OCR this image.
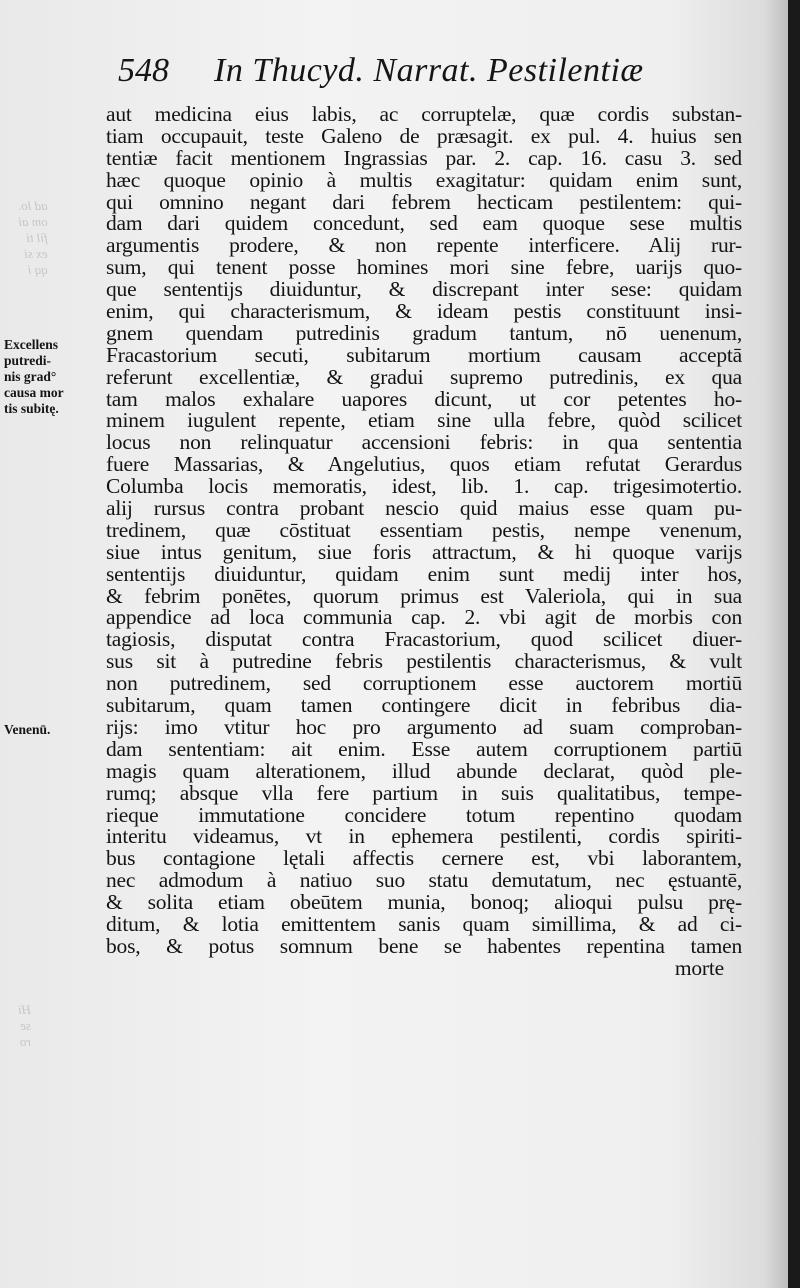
ad lo.
om ai
fil ti
ex si
qq i
Hi
se
ro
548 In Thucyd. Narrat. Pestilentiæ
Excellens
putredi-
nis grad°
causa mor
tis subitę.
Venenū.
aut medicina eius labis, ac corruptelæ, quæ cordis substan-
tiam occupauit, teste Galeno de præsagit. ex pul. 4. huius sen
tentiæ facit mentionem Ingrassias par. 2. cap. 16. casu 3. sed
hæc quoque opinio à multis exagitatur: quidam enim sunt,
qui omnino negant dari febrem hecticam pestilentem: qui-
dam dari quidem concedunt, sed eam quoque sese multis
argumentis prodere, & non repente interficere. Alij rur-
sum, qui tenent posse homines mori sine febre, uarijs quo-
que sententijs diuiduntur, & discrepant inter sese: quidam
enim, qui characterismum, & ideam pestis constituunt insi-
gnem quendam putredinis gradum tantum, nō uenenum,
Fracastorium secuti, subitarum mortium causam acceptā
referunt excellentiæ, & gradui supremo putredinis, ex qua
tam malos exhalare uapores dicunt, ut cor petentes ho-
minem iugulent repente, etiam sine ulla febre, quòd scilicet
locus non relinquatur accensioni febris: in qua sententia
fuere Massarias, & Angelutius, quos etiam refutat Gerardus
Columba locis memoratis, idest, lib. 1. cap. trigesimotertio.
alij rursus contra probant nescio quid maius esse quam pu-
tredinem, quæ cōstituat essentiam pestis, nempe venenum,
siue intus genitum, siue foris attractum, & hi quoque varijs
sententijs diuiduntur, quidam enim sunt medij inter hos,
& febrim ponētes, quorum primus est Valeriola, qui in sua
appendice ad loca communia cap. 2. vbi agit de morbis con
tagiosis, disputat contra Fracastorium, quod scilicet diuer-
sus sit à putredine febris pestilentis characterismus, & vult
non putredinem, sed corruptionem esse auctorem mortiū
subitarum, quam tamen contingere dicit in febribus dia-
rijs: imo vtitur hoc pro argumento ad suam comproban-
dam sententiam: ait enim. Esse autem corruptionem partiū
magis quam alterationem, illud abunde declarat, quòd ple-
rumq; absque vlla fere partium in suis qualitatibus, tempe-
rieque immutatione concidere totum repentino quodam
interitu videamus, vt in ephemera pestilenti, cordis spiriti-
bus contagione lętali affectis cernere est, vbi laborantem,
nec admodum à natiuo suo statu demutatum, nec ęstuantē,
& solita etiam obeūtem munia, bonoq; alioqui pulsu prę-
ditum, & lotia emittentem sanis quam simillima, & ad ci-
bos, & potus somnum bene se habentes repentina tamen
morte
